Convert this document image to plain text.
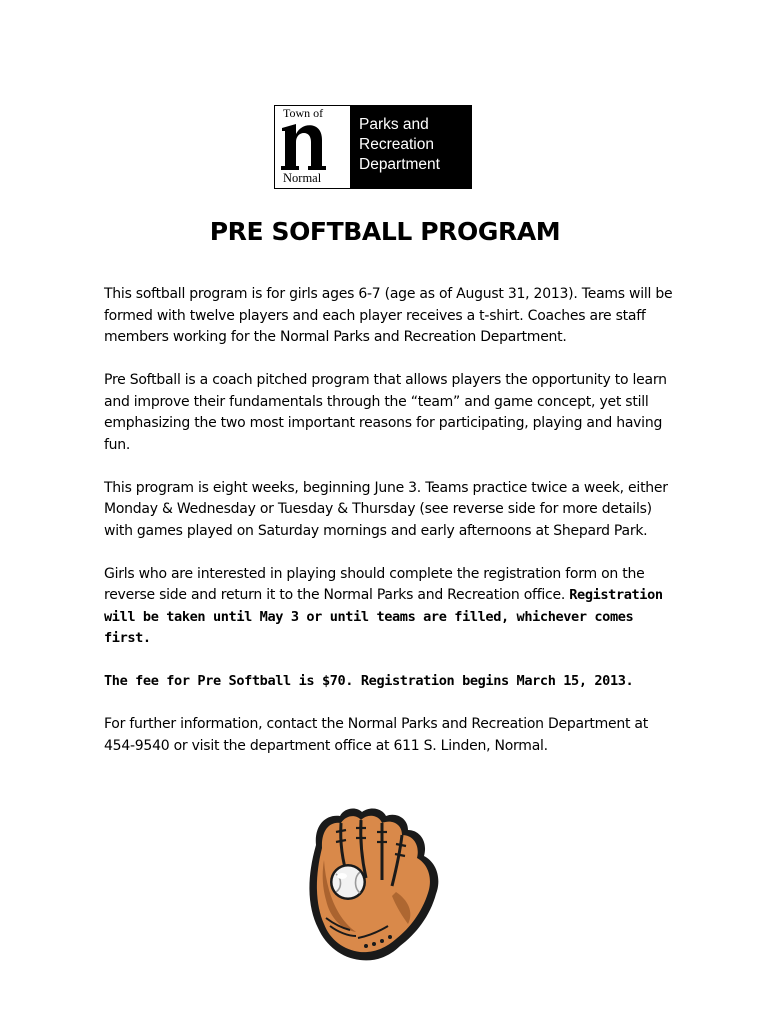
Town of

Normal

Parks and
Recreation
Department

PRE SOFTBALL PROGRAM

This softball program is for girls ages 6-7 (age as of August 31, 2013). Teams will be formed with twelve players and each player receives a t-shirt. Coaches are staff members working for the Normal Parks and Recreation Department.

Pre Softball is a coach pitched program that allows players the opportunity to learn and improve their fundamentals through the “team” and game concept, yet still emphasizing the two most important reasons for participating, playing and having fun.

This program is eight weeks, beginning June 3. Teams practice twice a week, either Monday & Wednesday or Tuesday & Thursday (see reverse side for more details) with games played on Saturday mornings and early afternoons at Shepard Park.

Girls who are interested in playing should complete the registration form on the reverse side and return it to the Normal Parks and Recreation office. Registration will be taken until May 3 or until teams are filled, whichever comes first.

The fee for Pre Softball is $70. Registration begins March 15, 2013.

For further information, contact the Normal Parks and Recreation Department at 454-9540 or visit the department office at 611 S. Linden, Normal.
